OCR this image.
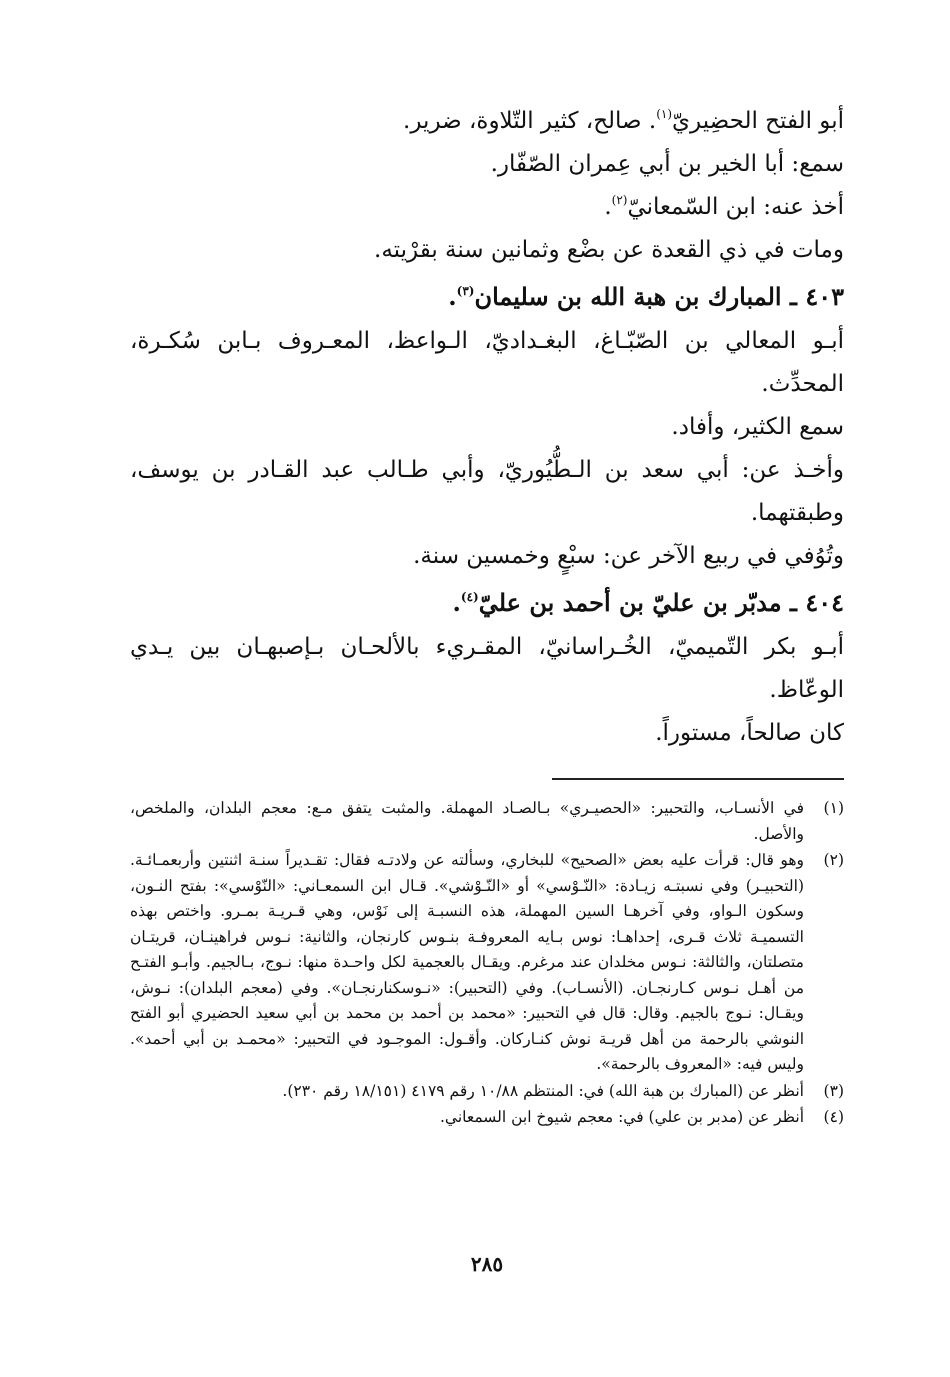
أبو الفتح الحضِيريّ$^{(١)}$. صالح، كثير التّلاوة، ضرير.

سمع: أبا الخير بن أبي عِمران الصّفّار.

أخذ عنه: ابن السّمعانيّ$^{(٢)}$.

ومات في ذي القعدة عن بضْع وثمانين سنة بقرْيته.

٤٠٣ ـ المبارك بن هبة الله بن سليمان$^{(٣)}$.

أبـو المعالي بن الصّبّـاغ، البغـداديّ، الـواعظ، المعـروف بـابن سُكـرة، المحدِّث.

سمع الكثير، وأفاد.

وأخـذ عن: أبي سعد بن الـطُّيُوريّ، وأبي طـالب عبد القـادر بن يوسف، وطبقتهما.

وتُوُفي في ربيع الآخر عن: سبْعٍ وخمسين سنة.

٤٠٤ ـ مدبّر بن عليّ بن أحمد بن عليّ$^{(٤)}$.

أبـو بكر التّميميّ، الخُـراسانيّ، المقـريء بالألحـان بـإصبهـان بين يـدي الوعّاظ.

كان صالحاً، مستوراً.

(١)
في الأنسـاب، والتحبير: «الحصيـري» بـالصـاد المهملة. والمثبت يتفق مـع: معجم البلدان، والملخص، والأصل.
(٢)
وهو قال: قرأت عليه بعض «الصحيح» للبخاري، وسألته عن ولادتـه فقال: تقـديراً سنـة اثنتين وأربعمـائـة. (التحبيـر) وفي نسبتـه زيـادة: «النّـوْسي» أو «النّـوْشي». قـال ابن السمعـاني: «النّوْسي»: بفتح النـون، وسكون الـواو، وفي آخرهـا السين المهملة، هذه النسبـة إلى نَوْس، وهي قـريـة بمـرو. واختص بهذه التسميـة ثلاث قـرى، إحداهـا: نوس بـايه المعروفـة بنـوس كارنجان، والثانية: نـوس فراهينـان، قريتـان متصلتان، والثالثة: نـوس مخلدان عند مرغرم. ويقـال بالعجمية لكل واحـدة منها: نـوج، بـالجيم. وأبـو الفتـح من أهـل نـوس كـارنجـان. (الأنسـاب). وفي (التحبير): «نـوسكنارنجـان». وفي (معجم البلدان): نـوش، ويقـال: نـوج بالجيم. وقال: قال في التحبير: «محمد بن أحمد بن محمد بن أبي سعيد الحضيري أبو الفتح النوشي بالرحمة من أهل قريـة نوش كنـاركان. وأقـول: الموجـود في التحبير: «محمـد بن أبي أحمد». وليس فيه: «المعروف بالرحمة».
(٣)
أنظر عن (المبارك بن هبة الله) في: المنتظم ١٠/٨٨ رقم ٤١٧٩ (١٨/١٥١ رقم ٢٣٠).
(٤)
أنظر عن (مدبر بن علي) في: معجم شيوخ ابن السمعاني.
٢٨٥
